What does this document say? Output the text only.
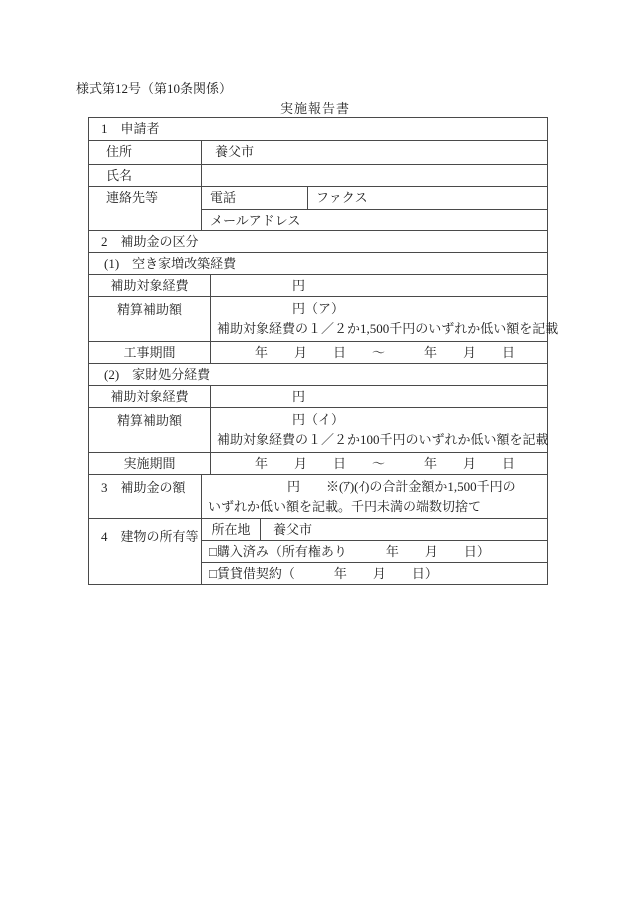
様式第12号（第10条関係）
実施報告書
1　申請者
住所	養父市
氏名
連絡先等	電話	ファクス
メールアドレス
2　補助金の区分
(1)　空き家増改築経費
補助対象経費	円
精算補助額	円（ア）
補助対象経費の１／２か1,500千円のいずれか低い額を記載
工事期間	年　　月　　日　　～　　　年　　月　　日
(2)　家財処分経費
補助対象経費	円
精算補助額	円（イ）
補助対象経費の１／２か100千円のいずれか低い額を記載
実施期間	年　　月　　日　　～　　　年　　月　　日
3　補助金の額	円　　※(ｱ)(ｲ)の合計金額か1,500千円の
いずれか低い額を記載。千円未満の端数切捨て
4　建物の所有等 所在地	養父市
□購入済み（所有権あり　　　年　　月　　日）
□賃貸借契約（　　　年　　月　　日）
